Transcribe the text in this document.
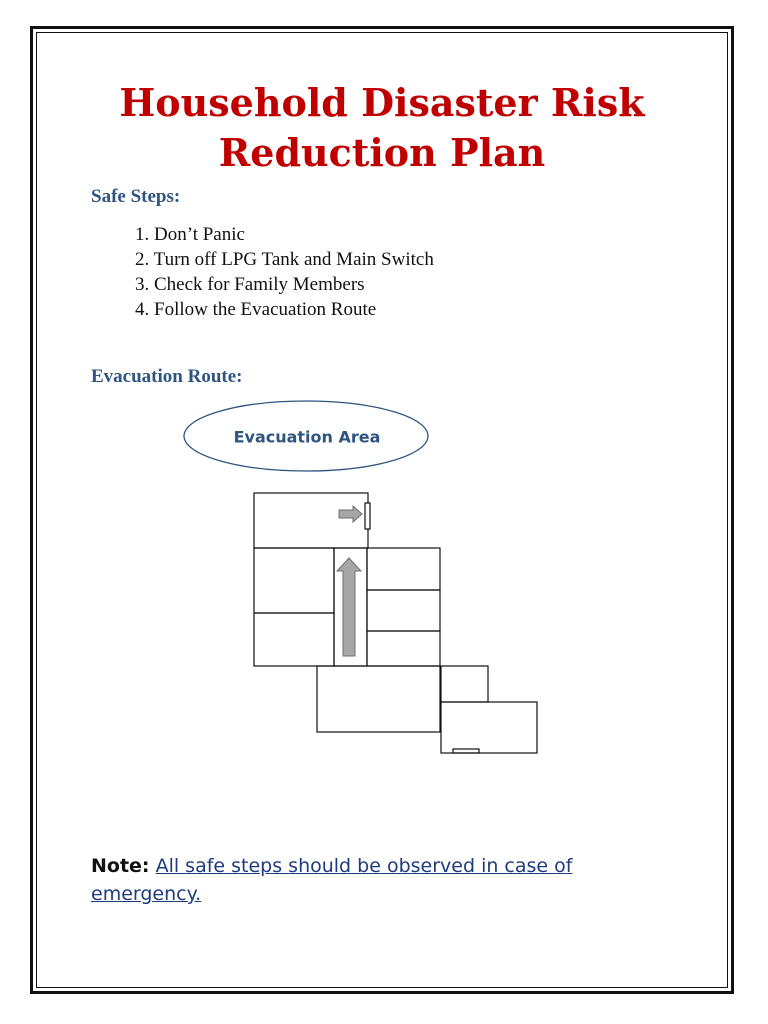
Household Disaster Risk
Reduction Plan
Safe Steps:
1. Don’t Panic
2. Turn off LPG Tank and Main Switch
3. Check for Family Members
4. Follow the Evacuation Route
Evacuation Route:
Evacuation Area

Note: All safe steps should be observed in case of emergency.
